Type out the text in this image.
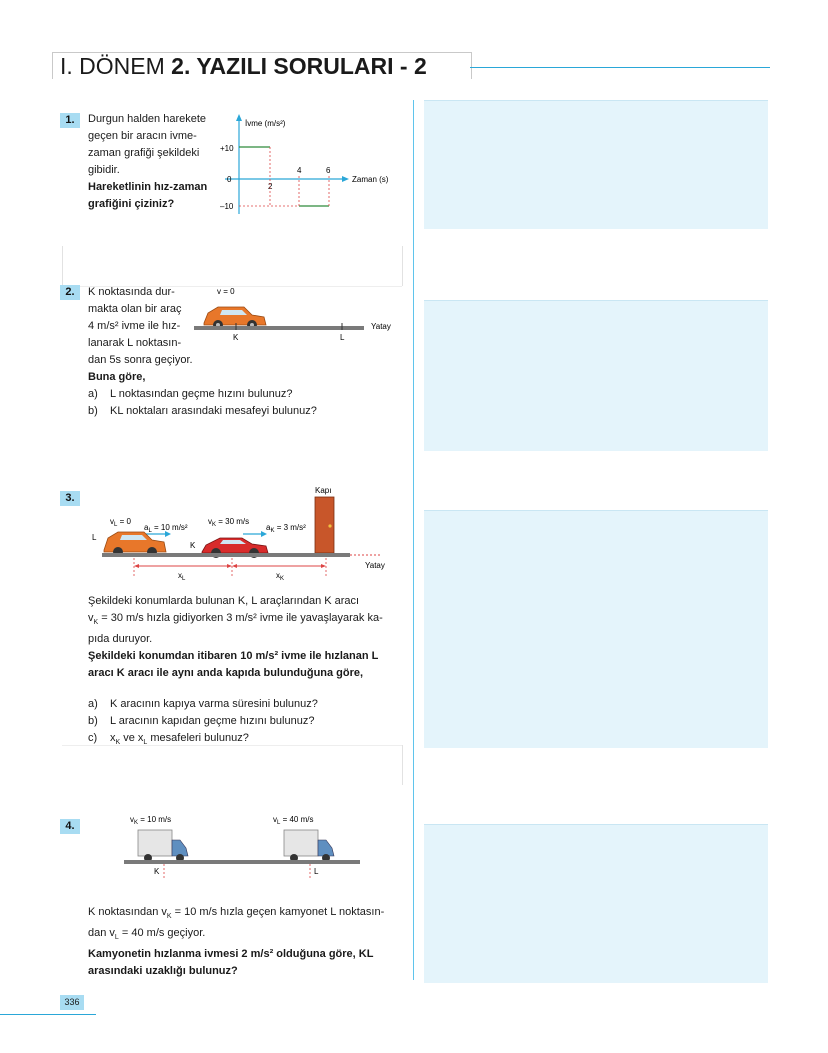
I. DÖNEM 2. YAZILI SORULARI - 2
1.	Durgun halden harekete
geçen bir aracın ivme-
zaman grafiği şekildeki
gibidir.
Hareketlinin hız-zaman
grafiğini çiziniz?
İvme (m/s²)
Zaman (s)
+10
0
–10
2
4	6
2.	K noktasında dur-
makta olan bir araç
4 m/s² ivme ile hız-
lanarak L noktasın-
dan 5s sonra geçiyor.
Buna göre,
a)	L noktasından geçme hızını bulunuz?
b)	KL noktaları arasındaki mesafeyi bulunuz?
v = 0
K	L
Yatay
3.
Kapı
$v_L = 0$
$a_L = 10$ m/s²
$v_K = 30$ m/s
$a_K = 3$ m/s²
L
K
Yatay
$x_L$	$x_K$
Şekildeki konumlarda bulunan K, L araçlarından K aracı
$v_K = 30$ m/s hızla gidiyorken 3 m/s² ivme ile yavaşlayarak ka-
pıda duruyor.
Şekildeki konumdan itibaren 10 m/s² ivme ile hızlanan L
aracı K aracı ile aynı anda kapıda bulunduğuna göre,
a)	K aracının kapıya varma süresini bulunuz?
b)	L aracının kapıdan geçme hızını bulunuz?
c)	$x_K$ ve $x_L$ mesafeleri bulunuz?
4.
$v_K = 10$ m/s	$v_L = 40$ m/s
K	L
K noktasından $v_K = 10$ m/s hızla geçen kamyonet L noktasın-
dan $v_L = 40$ m/s geçiyor.
Kamyonetin hızlanma ivmesi 2 m/s² olduğuna göre, KL
arasındaki uzaklığı bulunuz?
336
